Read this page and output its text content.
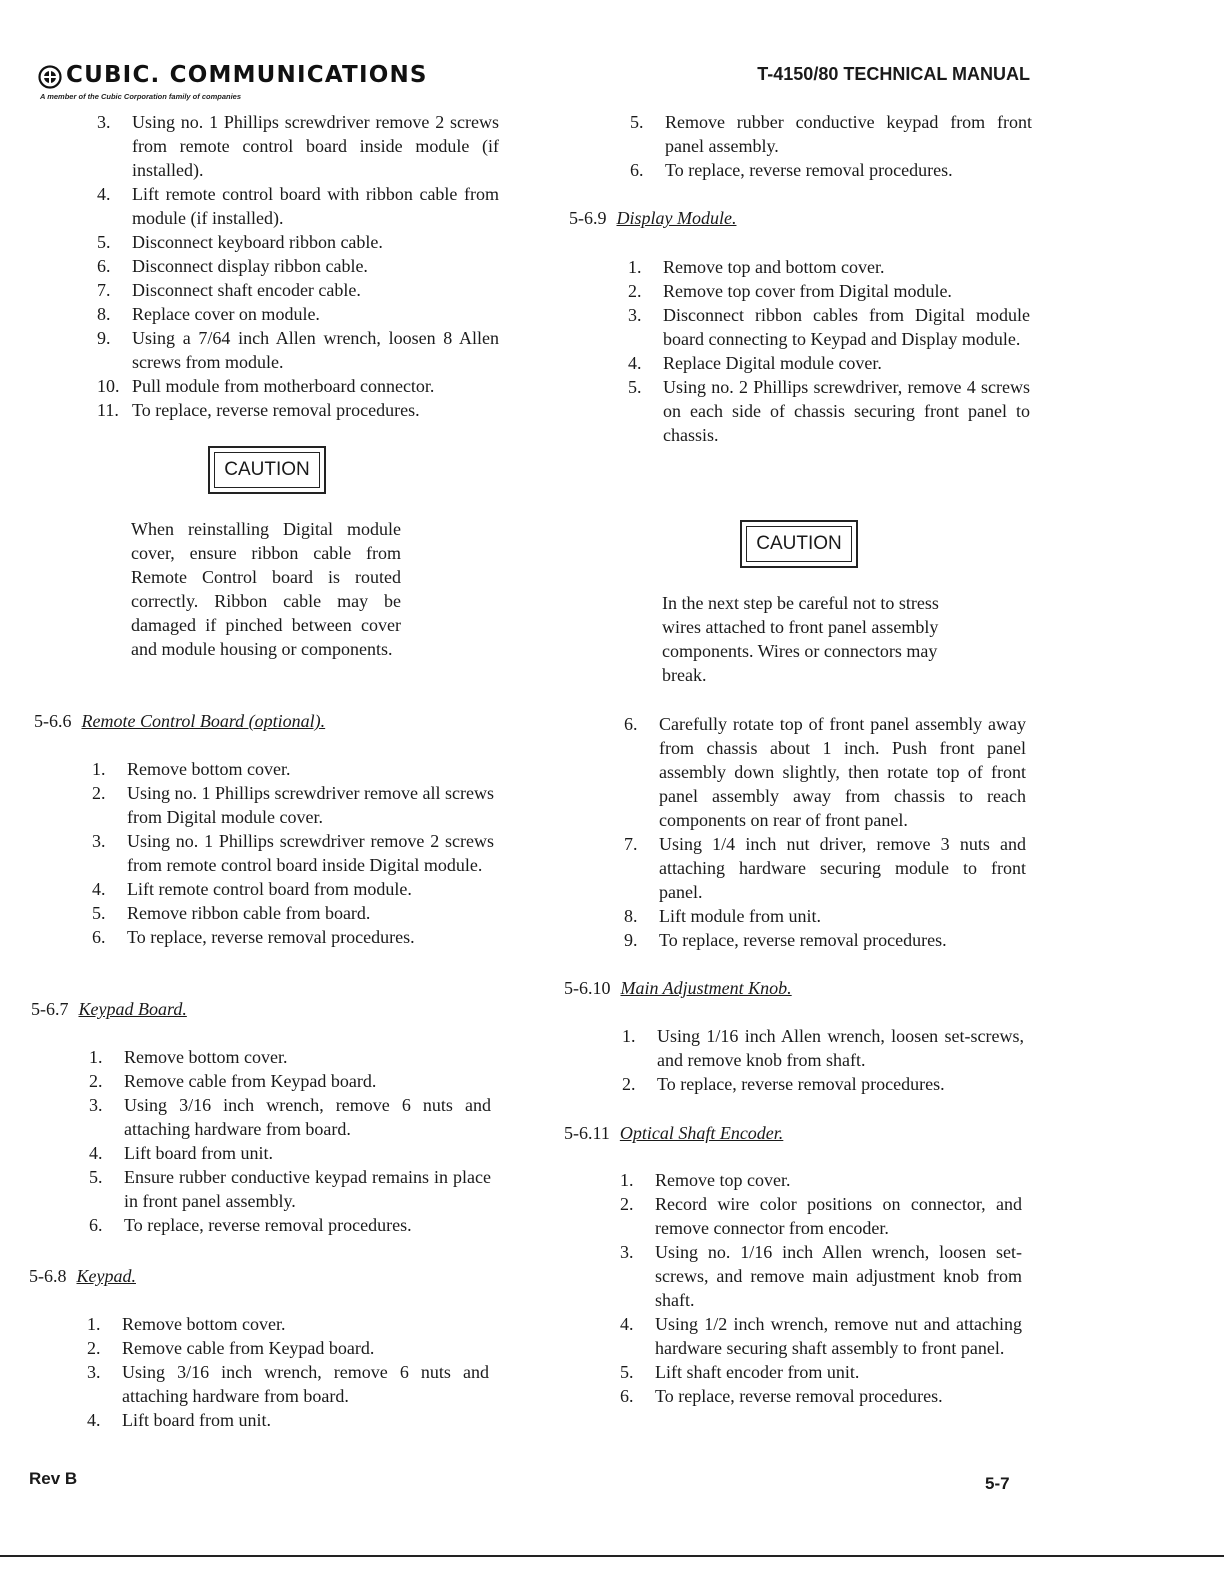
CUBIC. COMMUNICATIONS
A member of the Cubic Corporation family of companies
T-4150/80 TECHNICAL MANUAL
3.	Using no. 1 Phillips screwdriver remove 2 screws from remote control board inside module (if installed).
4.	Lift remote control board with ribbon cable from module (if installed).
5.	Disconnect keyboard ribbon cable.
6.	Disconnect display ribbon cable.
7.	Disconnect shaft encoder cable.
8.	Replace cover on module.
9.	Using a 7/64 inch Allen wrench, loosen 8 Allen screws from module.
10. Pull module from motherboard connector.
11. To replace, reverse removal procedures.
CAUTION
When reinstalling Digital module cover, ensure ribbon cable from Remote Control board is routed correctly. Ribbon cable may be damaged if pinched between cover and module housing or components.
5-6.6 Remote Control Board (optional).
1.	Remove bottom cover.
2.	Using no. 1 Phillips screwdriver remove all screws from Digital module cover.
3.	Using no. 1 Phillips screwdriver remove 2 screws from remote control board inside Digital module.
4.	Lift remote control board from module.
5.	Remove ribbon cable from board.
6.	To replace, reverse removal procedures.
5-6.7 Keypad Board.
1.	Remove bottom cover.
2.	Remove cable from Keypad board.
3.	Using 3/16 inch wrench, remove 6 nuts and attaching hardware from board.
4.	Lift board from unit.
5.	Ensure rubber conductive keypad remains in place in front panel assembly.
6.	To replace, reverse removal procedures.
5-6.8 Keypad.
1.	Remove bottom cover.
2.	Remove cable from Keypad board.
3.	Using 3/16 inch wrench, remove 6 nuts and attaching hardware from board.
4.	Lift board from unit.
5.	Remove rubber conductive keypad from front panel assembly.
6.	To replace, reverse removal procedures.
5-6.9 Display Module.
1.	Remove top and bottom cover.
2.	Remove top cover from Digital module.
3.	Disconnect ribbon cables from Digital module board connecting to Keypad and Display module.
4.	Replace Digital module cover.
5.	Using no. 2 Phillips screwdriver, remove 4 screws on each side of chassis securing front panel to chassis.
CAUTION
In the next step be careful not to stress wires attached to front panel assembly components. Wires or connectors may break.
6.	Carefully rotate top of front panel assembly away from chassis about 1 inch. Push front panel assembly down slightly, then rotate top of front panel assembly away from chassis to reach components on rear of front panel.
7.	Using 1/4 inch nut driver, remove 3 nuts and attaching hardware securing module to front panel.
8.	Lift module from unit.
9.	To replace, reverse removal procedures.
5-6.10 Main Adjustment Knob.
1.	Using 1/16 inch Allen wrench, loosen set-screws, and remove knob from shaft.
2.	To replace, reverse removal procedures.
5-6.11 Optical Shaft Encoder.
1.	Remove top cover.
2.	Record wire color positions on connector, and remove connector from encoder.
3.	Using no. 1/16 inch Allen wrench, loosen set-screws, and remove main adjustment knob from shaft.
4.	Using 1/2 inch wrench, remove nut and attaching hardware securing shaft assembly to front panel.
5.	Lift shaft encoder from unit.
6.	To replace, reverse removal procedures.
Rev B	5-7
